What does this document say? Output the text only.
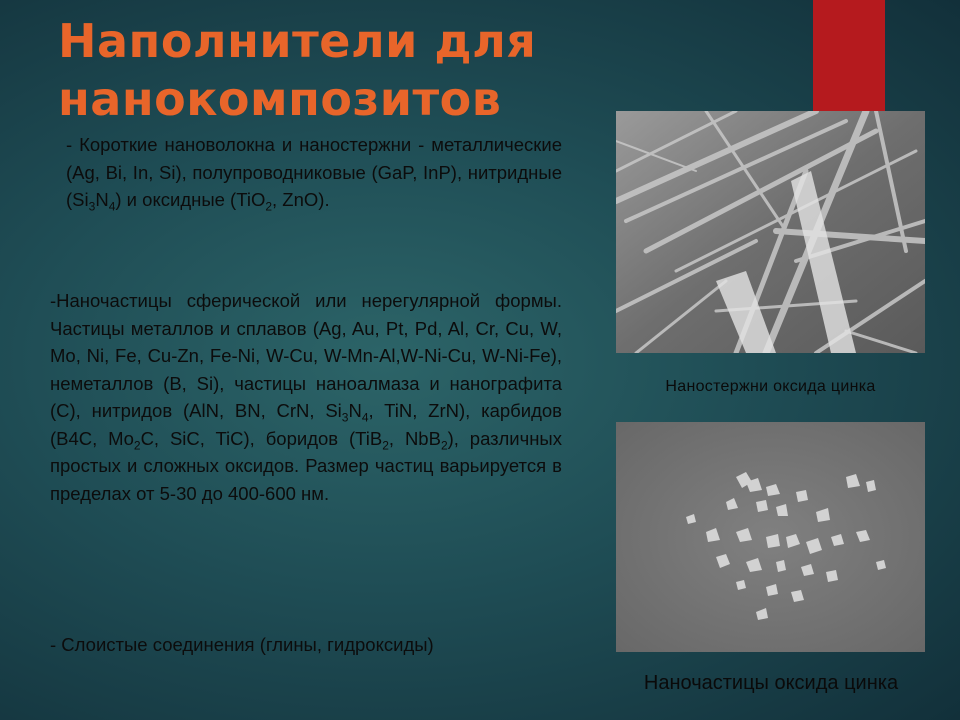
Наполнители для нанокомпозитов
- Короткие нановолокна и наностержни - металлические (Ag, Bi, In, Si), полупроводниковые (GaP, InP), нитридные $(Si_3N_4)$ и оксидные (TiO$_2$, ZnO).
-Наночастицы сферической или нерегулярной формы. Частицы металлов и сплавов (Ag, Au, Pt, Pd, Al, Cr, Cu, W, Mo, Ni, Fe, Cu-Zn, Fe-Ni, W-Cu, W-Mn-Al,W-Ni-Cu, W-Ni-Fe), неметаллов (B, Si), частицы наноалмаза и нанографита (C), нитридов (AlN, BN, CrN, $Si_3N_4$, TiN, ZrN), карбидов (B4C, $Mo_2C$, SiC, TiC), боридов (TiB$_2$, NbB$_2$), различных простых и сложных оксидов. Размер частиц варьируется в пределах от 5-30 до 400-600 нм.
- Слоистые соединения (глины, гидроксиды)
Наностержни оксида цинка
Наночастицы оксида цинка
